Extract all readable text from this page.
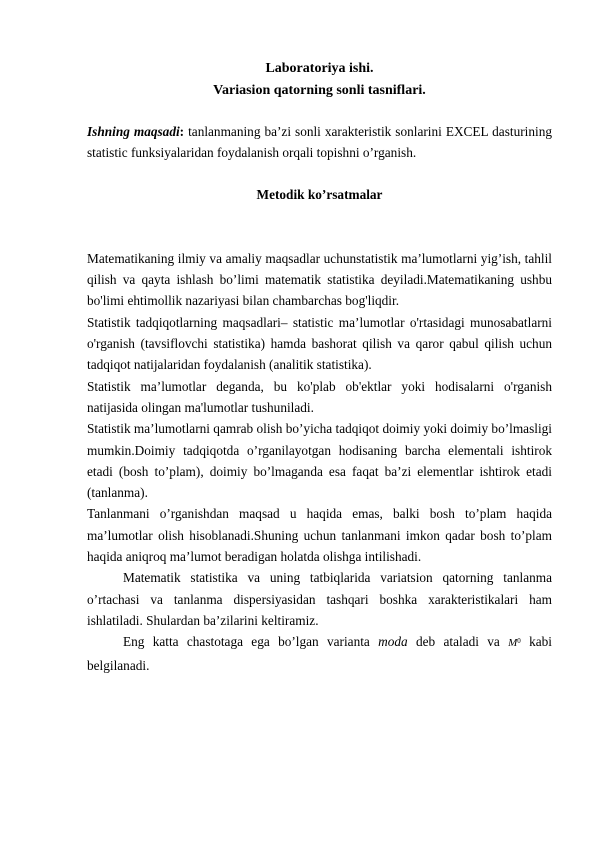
Laboratoriya ishi.

Variasion qatorning sonli tasniflari.

Ishning maqsadi: tanlanmaning ba’zi sonli xarakteristik sonlarini EXCEL dasturining statistic funksiyalaridan foydalanish orqali topishni o’rganish.

Metodik ko’rsatmalar

Matematikaning ilmiy va amaliy maqsadlar uchunstatistik ma’lumotlarni yig’ish, tahlil qilish va qayta ishlash bo’limi matematik statistika deyiladi.Matematikaning ushbu bo'limi ehtimollik nazariyasi bilan chambarchas bog'liqdir.

Statistik tadqiqotlarning maqsadlari– statistic ma’lumotlar o'rtasidagi munosabatlarni o'rganish (tavsiflovchi statistika) hamda bashorat qilish va qaror qabul qilish uchun tadqiqot natijalaridan foydalanish (analitik statistika).

Statistik ma’lumotlar deganda, bu ko'plab ob'ektlar yoki hodisalarni o'rganish natijasida olingan ma'lumotlar tushuniladi.

Statistik ma’lumotlarni qamrab olish bo’yicha tadqiqot doimiy yoki doimiy bo’lmasligi mumkin.Doimiy tadqiqotda o’rganilayotgan hodisaning barcha elementali ishtirok etadi (bosh to’plam), doimiy bo’lmaganda esa faqat ba’zi elementlar ishtirok etadi (tanlanma).

Tanlanmani o’rganishdan maqsad u haqida emas, balki bosh to’plam haqida ma’lumotlar olish hisoblanadi.Shuning uchun tanlanmani imkon qadar bosh to’plam haqida aniqroq ma’lumot beradigan holatda olishga intilishadi.

Matematik statistika va uning tatbiqlarida variatsion qatorning tanlanma o’rtachasi va tanlanma dispersiyasidan tashqari boshka xarakteristikalari ham ishlatiladi. Shulardan ba’zilarini keltiramiz.

Eng katta chastotaga ega bo’lgan varianta moda deb ataladi va $M^0$ kabi belgilanadi.
